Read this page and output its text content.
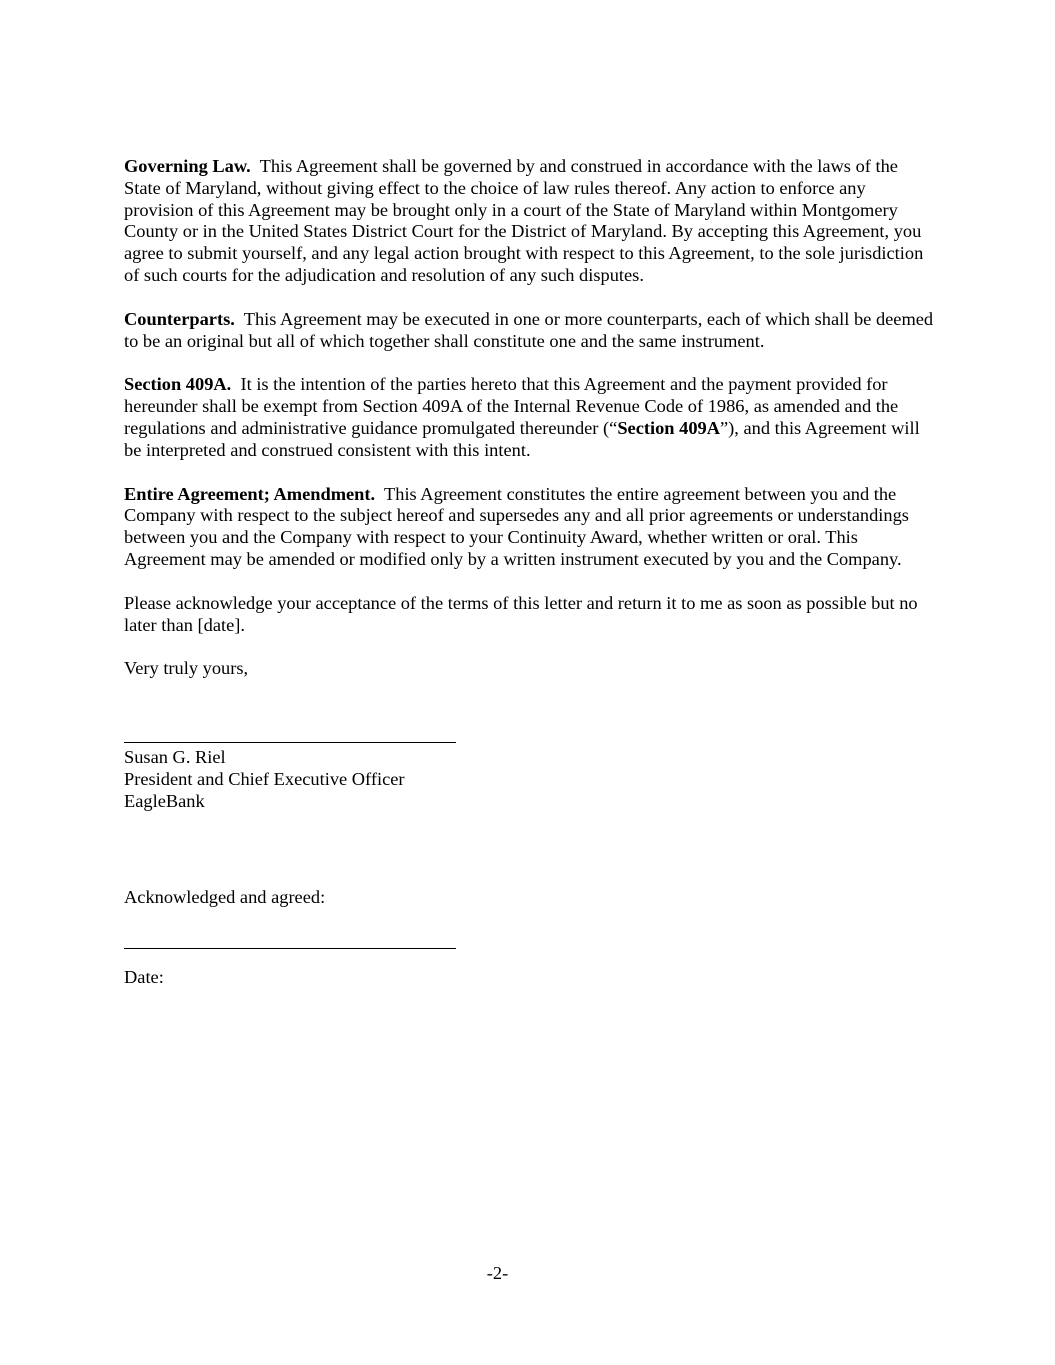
Governing Law. This Agreement shall be governed by and construed in accordance with the laws of the State of Maryland, without giving effect to the choice of law rules thereof. Any action to enforce any provision of this Agreement may be brought only in a court of the State of Maryland within Montgomery County or in the United States District Court for the District of Maryland. By accepting this Agreement, you agree to submit yourself, and any legal action brought with respect to this Agreement, to the sole jurisdiction of such courts for the adjudication and resolution of any such disputes.

Counterparts. This Agreement may be executed in one or more counterparts, each of which shall be deemed to be an original but all of which together shall constitute one and the same instrument.

Section 409A. It is the intention of the parties hereto that this Agreement and the payment provided for hereunder shall be exempt from Section 409A of the Internal Revenue Code of 1986, as amended and the regulations and administrative guidance promulgated thereunder (“Section 409A”), and this Agreement will be interpreted and construed consistent with this intent.

Entire Agreement; Amendment. This Agreement constitutes the entire agreement between you and the Company with respect to the subject hereof and supersedes any and all prior agreements or understandings between you and the Company with respect to your Continuity Award, whether written or oral. This Agreement may be amended or modified only by a written instrument executed by you and the Company.

Please acknowledge your acceptance of the terms of this letter and return it to me as soon as possible but no later than [date].

Very truly yours,

Susan G. Riel

President and Chief Executive Officer

EagleBank

Acknowledged and agreed:

Date:

-2-
